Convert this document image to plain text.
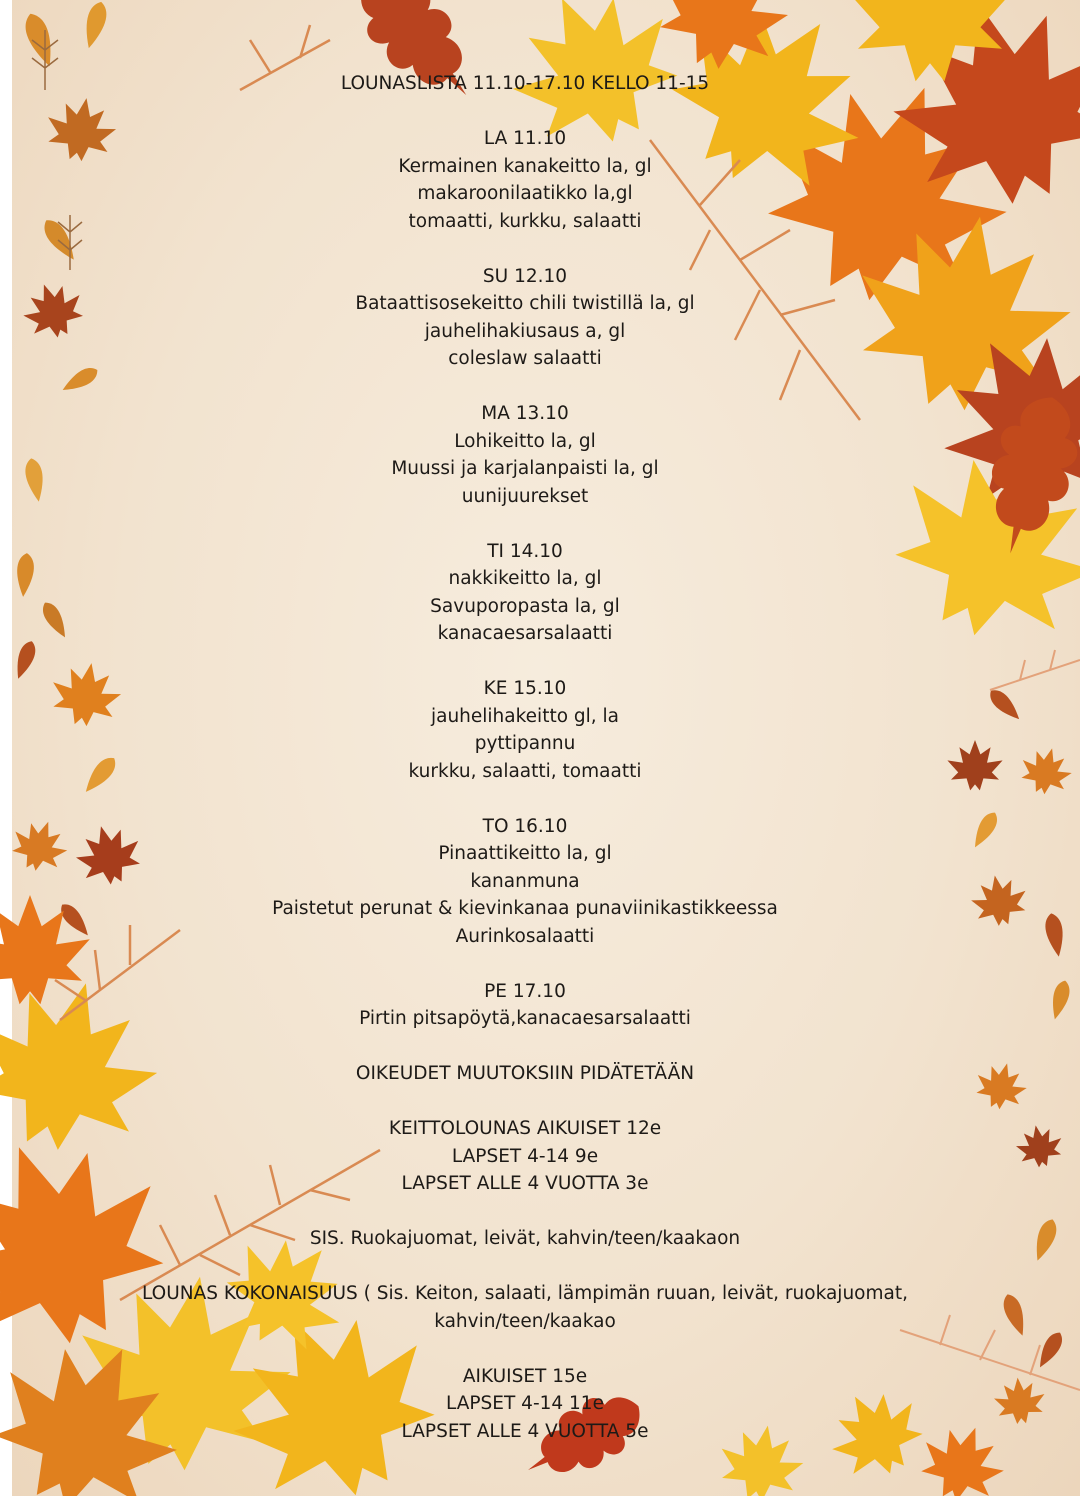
LOUNASLISTA 11.10-17.10 KELLO 11-15
LA 11.10
Kermainen kanakeitto la, gl
makaroonilaatikko la,gl
tomaatti, kurkku, salaatti
SU 12.10
Bataattisosekeitto chili twistillä la, gl
jauhelihakiusaus a, gl
coleslaw salaatti
MA 13.10
Lohikeitto la, gl
Muussi ja karjalanpaisti la, gl
uunijuurekset
TI 14.10
nakkikeitto la, gl
Savuporopasta la, gl
kanacaesarsalaatti
KE 15.10
jauhelihakeitto gl, la
pyttipannu
kurkku, salaatti, tomaatti
TO 16.10
Pinaattikeitto la, gl
kananmuna
Paistetut perunat & kievinkanaa punaviinikastikkeessa
Aurinkosalaatti
PE 17.10
Pirtin pitsapöytä,kanacaesarsalaatti
OIKEUDET MUUTOKSIIN PIDÄTETÄÄN
KEITTOLOUNAS AIKUISET 12e
LAPSET 4-14 9e
LAPSET ALLE 4 VUOTTA 3e
SIS. Ruokajuomat, leivät, kahvin/teen/kaakaon
LOUNAS KOKONAISUUS ( Sis. Keiton, salaati, lämpimän ruuan, leivät, ruokajuomat,
kahvin/teen/kaakao
AIKUISET 15e
LAPSET 4-14 11e
LAPSET ALLE 4 VUOTTA 5e
